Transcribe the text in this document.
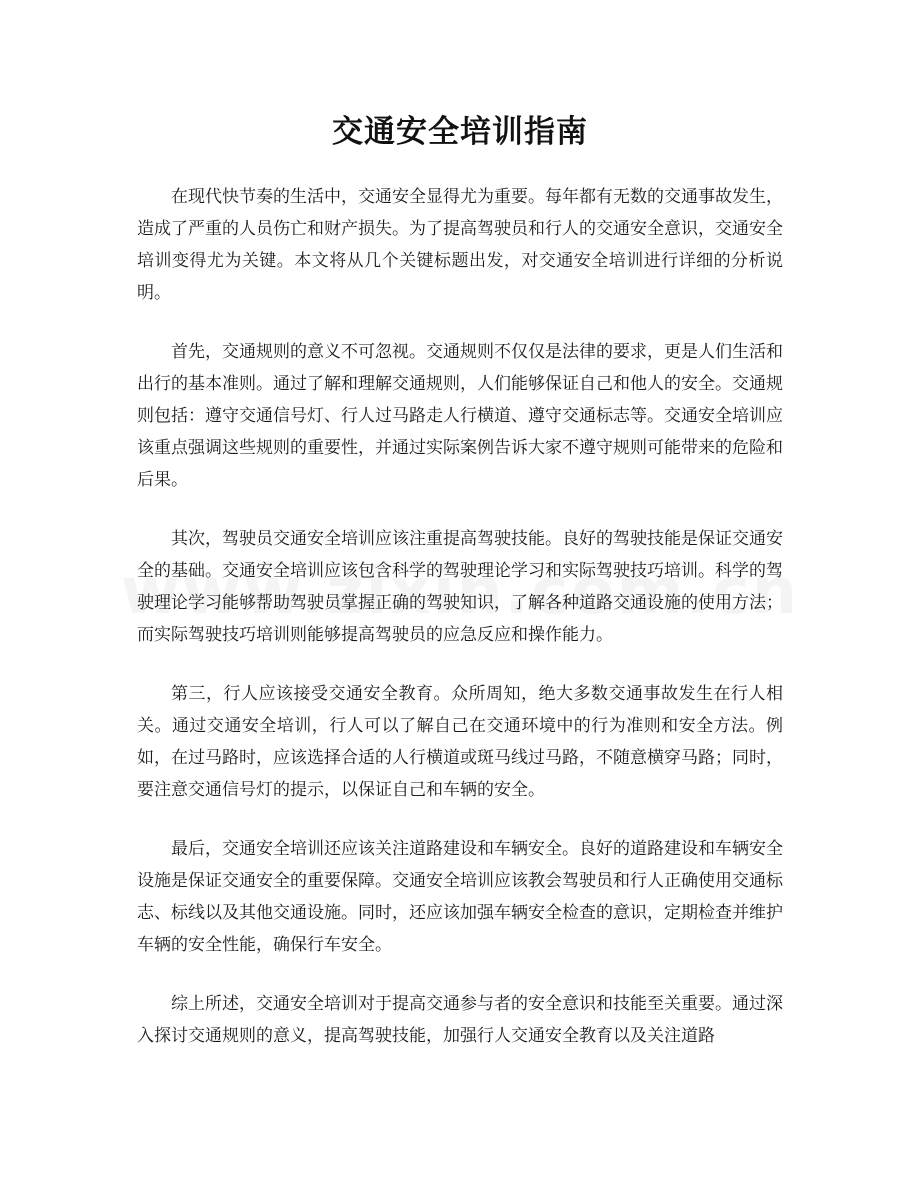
交通安全培训指南

在现代快节奏的生活中，交通安全显得尤为重要。每年都有无数的交通事故发生，造成了严重的人员伤亡和财产损失。为了提高驾驶员和行人的交通安全意识，交通安全培训变得尤为关键。本文将从几个关键标题出发，对交通安全培训进行详细的分析说明。

首先，交通规则的意义不可忽视。交通规则不仅仅是法律的要求，更是人们生活和出行的基本准则。通过了解和理解交通规则，人们能够保证自己和他人的安全。交通规则包括：遵守交通信号灯、行人过马路走人行横道、遵守交通标志等。交通安全培训应该重点强调这些规则的重要性，并通过实际案例告诉大家不遵守规则可能带来的危险和后果。

其次，驾驶员交通安全培训应该注重提高驾驶技能。良好的驾驶技能是保证交通安全的基础。交通安全培训应该包含科学的驾驶理论学习和实际驾驶技巧培训。科学的驾驶理论学习能够帮助驾驶员掌握正确的驾驶知识，了解各种道路交通设施的使用方法；而实际驾驶技巧培训则能够提高驾驶员的应急反应和操作能力。

第三，行人应该接受交通安全教育。众所周知，绝大多数交通事故发生在行人相关。通过交通安全培训，行人可以了解自己在交通环境中的行为准则和安全方法。例如，在过马路时，应该选择合适的人行横道或斑马线过马路，不随意横穿马路；同时，要注意交通信号灯的提示，以保证自己和车辆的安全。

最后，交通安全培训还应该关注道路建设和车辆安全。良好的道路建设和车辆安全设施是保证交通安全的重要保障。交通安全培训应该教会驾驶员和行人正确使用交通标志、标线以及其他交通设施。同时，还应该加强车辆安全检查的意识，定期检查并维护车辆的安全性能，确保行车安全。

综上所述，交通安全培训对于提高交通参与者的安全意识和技能至关重要。通过深入探讨交通规则的意义，提高驾驶技能，加强行人交通安全教育以及关注道路
